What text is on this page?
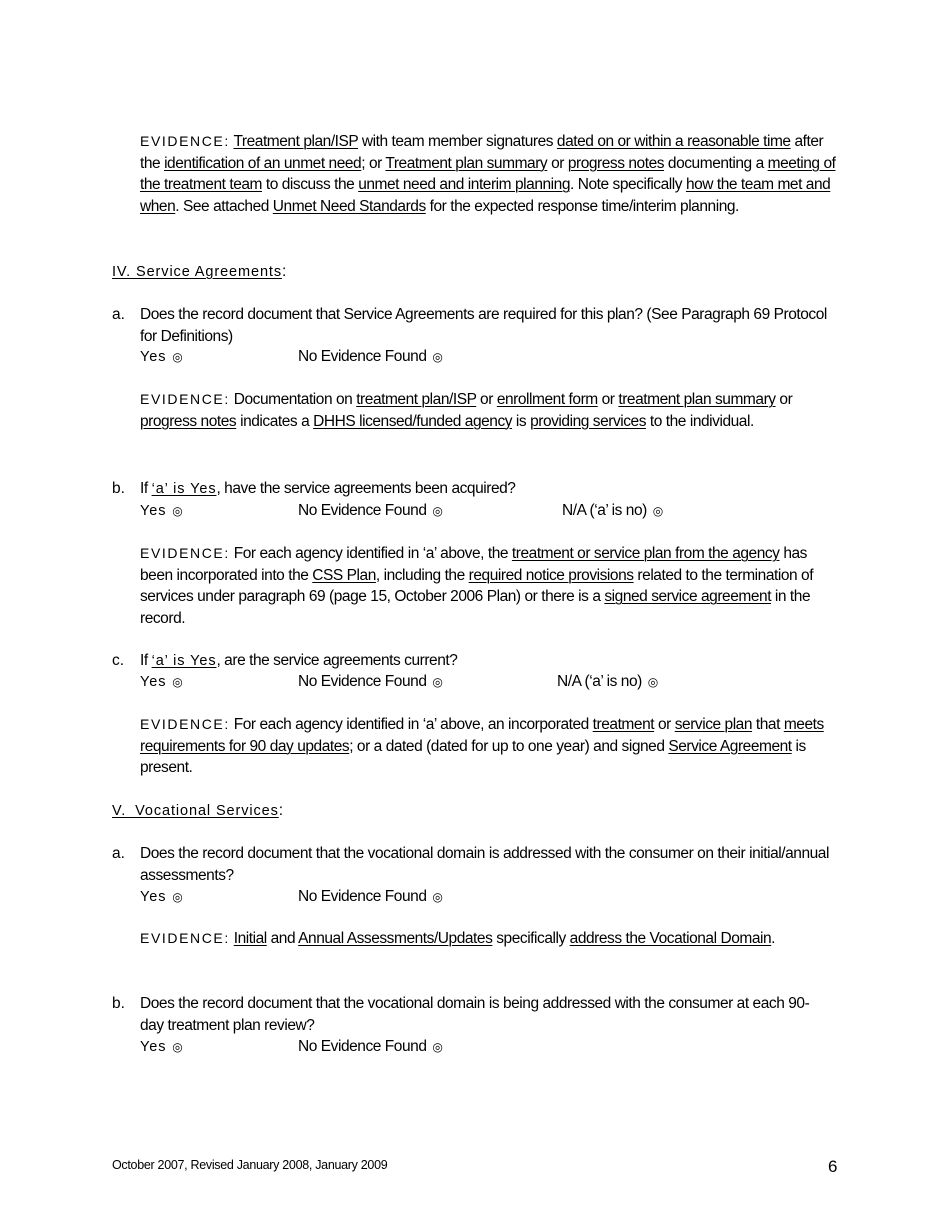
EVIDENCE: Treatment plan/ISP with team member signatures dated on or within a reasonable time after the identification of an unmet need; or Treatment plan summary or progress notes documenting a meeting of the treatment team to discuss the unmet need and interim planning. Note specifically how the team met and when. See attached Unmet Need Standards for the expected response time/interim planning.
IV. Service Agreements:
a. Does the record document that Service Agreements are required for this plan? (See Paragraph 69 Protocol for Definitions)
Yes ◎	No Evidence Found ◎
EVIDENCE: Documentation on treatment plan/ISP or enrollment form or treatment plan summary or progress notes indicates a DHHS licensed/funded agency is providing services to the individual.
b. If ‘a’ is Yes, have the service agreements been acquired?
Yes ◎	No Evidence Found ◎	N/A (‘a’ is no) ◎
EVIDENCE: For each agency identified in ‘a’ above, the treatment or service plan from the agency has been incorporated into the CSS Plan, including the required notice provisions related to the termination of services under paragraph 69 (page 15, October 2006 Plan) or there is a signed service agreement in the record.
c. If ‘a’ is Yes, are the service agreements current?
Yes ◎	No Evidence Found ◎	N/A (‘a’ is no) ◎
EVIDENCE: For each agency identified in ‘a’ above, an incorporated treatment or service plan that meets requirements for 90 day updates; or a dated (dated for up to one year) and signed Service Agreement is present.
V._Vocational Services:
a. Does the record document that the vocational domain is addressed with the consumer on their initial/annual assessments?
Yes ◎	No Evidence Found ◎
EVIDENCE: Initial and Annual Assessments/Updates specifically address the Vocational Domain.
b. Does the record document that the vocational domain is being addressed with the consumer at each 90-day treatment plan review?
Yes ◎	No Evidence Found ◎
October 2007, Revised January 2008, January 2009	6
